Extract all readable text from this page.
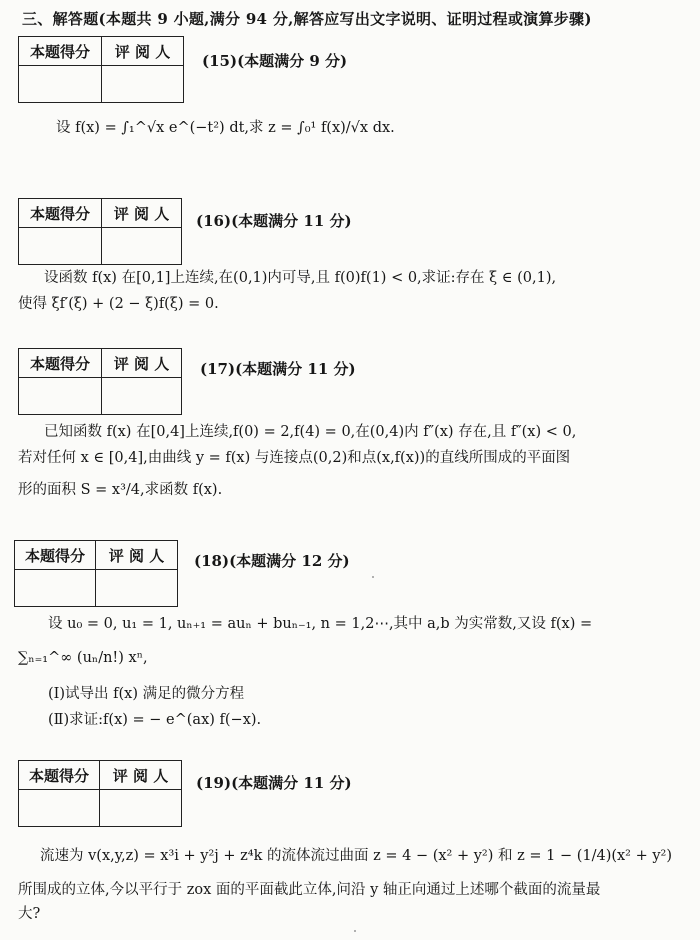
三、解答题(本题共 9 小题,满分 94 分,解答应写出文字说明、证明过程或演算步骤)
本题得分	评 阅 人

(15)(本题满分 9 分)
设 f(x) = ∫₁^√x e^(−t²) dt,求 z = ∫₀¹ f(x)/√x dx.
本题得分	评 阅 人
	(16)(本题满分 11 分)
设函数 f(x) 在[0,1]上连续,在(0,1)内可导,且 f(0)f(1) < 0,求证:存在 ξ ∈ (0,1),
使得 ξf′(ξ) + (2 − ξ)f(ξ) = 0.
本题得分	评 阅 人
	(17)(本题满分 11 分)
已知函数 f(x) 在[0,4]上连续,f(0) = 2,f(4) = 0,在(0,4)内 f″(x) 存在,且 f″(x) < 0,
若对任何 x ∈ [0,4],由曲线 y = f(x) 与连接点(0,2)和点(x,f(x))的直线所围成的平面图
形的面积 S = x³/4,求函数 f(x).
本题得分	评 阅 人
	(18)(本题满分 12 分)
设 u₀ = 0, u₁ = 1, uₙ₊₁ = auₙ + buₙ₋₁, n = 1,2⋯,其中 a,b 为实常数,又设 f(x) =
∑ₙ₌₁^∞ (uₙ/n!) xⁿ,
(Ⅰ)试导出 f(x) 满足的微分方程
(Ⅱ)求证:f(x) = − e^(ax) f(−x).
本题得分	评 阅 人
	(19)(本题满分 11 分)
流速为 v(x,y,z) = x³i + y²j + z⁴k 的流体流过曲面 z = 4 − (x² + y²) 和 z = 1 − (1/4)(x² + y²)
所围成的立体,今以平行于 zox 面的平面截此立体,问沿 y 轴正向通过上述哪个截面的流量最
大?
